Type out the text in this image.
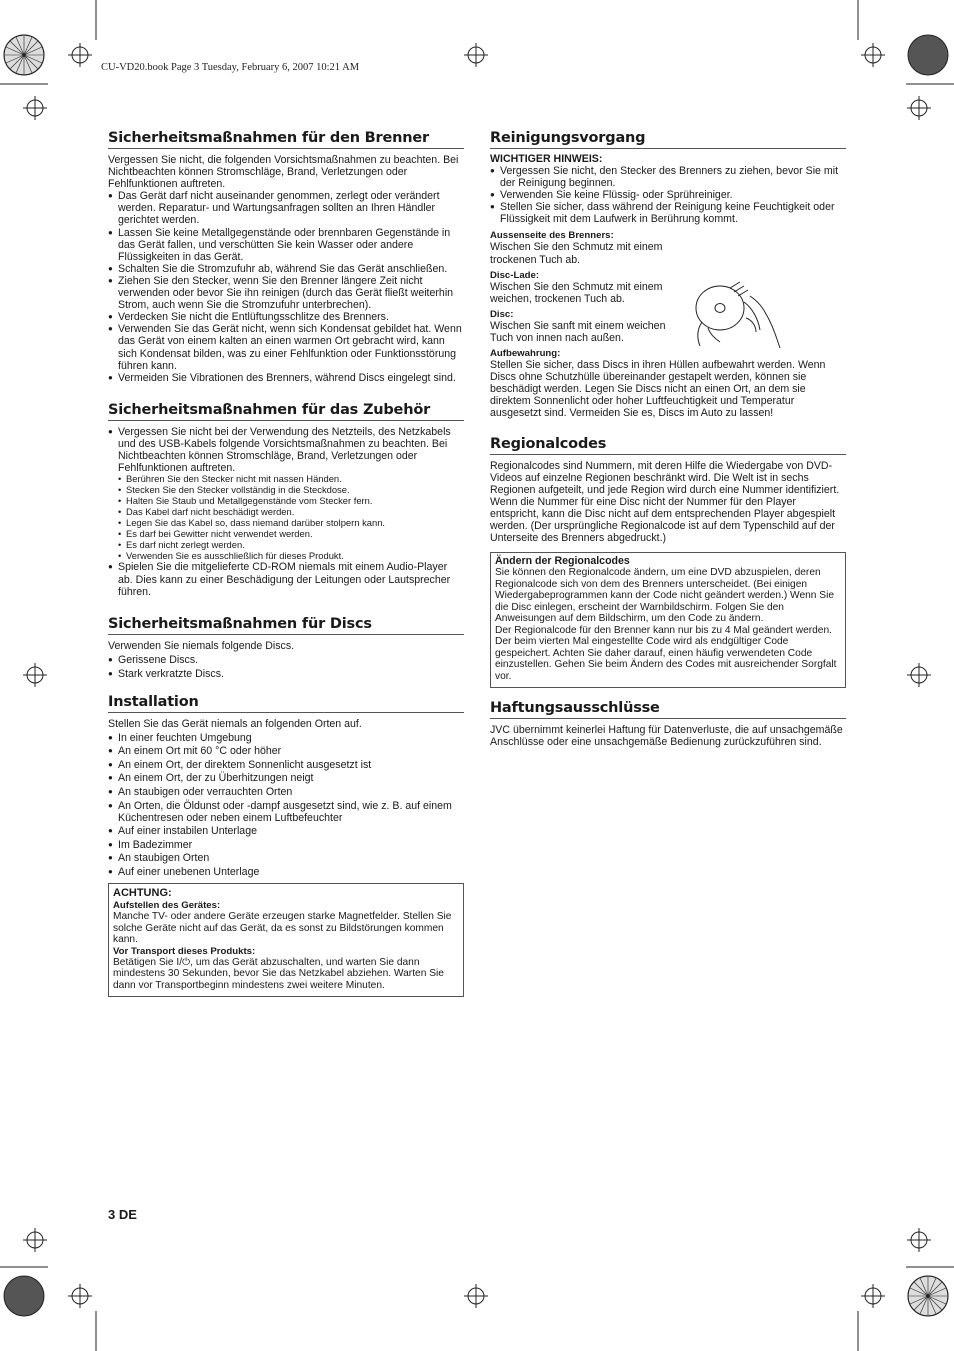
CU-VD20.book Page 3 Tuesday, February 6, 2007 10:21 AM
Sicherheitsmaßnahmen für den Brenner

Vergessen Sie nicht, die folgenden Vorsichtsmaßnahmen zu beachten. Bei Nichtbeachten können Stromschläge, Brand, Verletzungen oder Fehlfunktionen auftreten.

● Das Gerät darf nicht auseinander genommen, zerlegt oder verändert werden. Reparatur- und Wartungsanfragen sollten an Ihren Händler gerichtet werden.
● Lassen Sie keine Metallgegenstände oder brennbaren Gegenstände in das Gerät fallen, und verschütten Sie kein Wasser oder andere Flüssigkeiten in das Gerät.
● Schalten Sie die Stromzufuhr ab, während Sie das Gerät anschließen.
● Ziehen Sie den Stecker, wenn Sie den Brenner längere Zeit nicht verwenden oder bevor Sie ihn reinigen (durch das Gerät fließt weiterhin Strom, auch wenn Sie die Stromzufuhr unterbrechen).
● Verdecken Sie nicht die Entlüftungsschlitze des Brenners.
● Verwenden Sie das Gerät nicht, wenn sich Kondensat gebildet hat. Wenn das Gerät von einem kalten an einen warmen Ort gebracht wird, kann sich Kondensat bilden, was zu einer Fehlfunktion oder Funktionsstörung führen kann.
● Vermeiden Sie Vibrationen des Brenners, während Discs eingelegt sind.
Sicherheitsmaßnahmen für das Zubehör
● Vergessen Sie nicht bei der Verwendung des Netzteils, des Netzkabels und des USB-Kabels folgende Vorsichtsmaßnahmen zu beachten. Bei Nichtbeachten können Stromschläge, Brand, Verletzungen oder Fehlfunktionen auftreten.
• Berühren Sie den Stecker nicht mit nassen Händen.
• Stecken Sie den Stecker vollständig in die Steckdose.
• Halten Sie Staub und Metallgegenstände vom Stecker fern.
• Das Kabel darf nicht beschädigt werden.
• Legen Sie das Kabel so, dass niemand darüber stolpern kann.
• Es darf bei Gewitter nicht verwendet werden.
• Es darf nicht zerlegt werden.
• Verwenden Sie es ausschließlich für dieses Produkt.
● Spielen Sie die mitgelieferte CD-ROM niemals mit einem Audio-Player ab. Dies kann zu einer Beschädigung der Leitungen oder Lautsprecher führen.
Sicherheitsmaßnahmen für Discs

Verwenden Sie niemals folgende Discs.

● Gerissene Discs.
● Stark verkratzte Discs.
Installation

Stellen Sie das Gerät niemals an folgenden Orten auf.

● In einer feuchten Umgebung
● An einem Ort mit 60 °C oder höher
● An einem Ort, der direktem Sonnenlicht ausgesetzt ist
● An einem Ort, der zu Überhitzungen neigt
● An staubigen oder verrauchten Orten
● An Orten, die Öldunst oder -dampf ausgesetzt sind, wie z. B. auf einem Küchentresen oder neben einem Luftbefeuchter
● Auf einer instabilen Unterlage
● Im Badezimmer
● An staubigen Orten
● Auf einer unebenen Unterlage
ACHTUNG:
Aufstellen des Gerätes:

Manche TV- oder andere Geräte erzeugen starke Magnetfelder. Stellen Sie solche Geräte nicht auf das Gerät, da es sonst zu Bildstörungen kommen kann.

Vor Transport dieses Produkts:

Betätigen Sie I/⏻, um das Gerät abzuschalten, und warten Sie dann mindestens 30 Sekunden, bevor Sie das Netzkabel abziehen. Warten Sie dann vor Transportbeginn mindestens zwei weitere Minuten.

Reinigungsvorgang
WICHTIGER HINWEIS:
● Vergessen Sie nicht, den Stecker des Brenners zu ziehen, bevor Sie mit der Reinigung beginnen.
● Verwenden Sie keine Flüssig- oder Sprühreiniger.
● Stellen Sie sicher, dass während der Reinigung keine Feuchtigkeit oder Flüssigkeit mit dem Laufwerk in Berührung kommt.
Aussenseite des Brenners:

Wischen Sie den Schmutz mit einem trockenen Tuch ab.

Disc-Lade:

Wischen Sie den Schmutz mit einem weichen, trockenen Tuch ab.

Disc:

Wischen Sie sanft mit einem weichen Tuch von innen nach außen.

Aufbewahrung:

Stellen Sie sicher, dass Discs in ihren Hüllen aufbewahrt werden. Wenn Discs ohne Schutzhülle übereinander gestapelt werden, können sie beschädigt werden. Legen Sie Discs nicht an einen Ort, an dem sie direktem Sonnenlicht oder hoher Luftfeuchtigkeit und Temperatur ausgesetzt sind. Vermeiden Sie es, Discs im Auto zu lassen!

Regionalcodes

Regionalcodes sind Nummern, mit deren Hilfe die Wiedergabe von DVD-Videos auf einzelne Regionen beschränkt wird. Die Welt ist in sechs Regionen aufgeteilt, und jede Region wird durch eine Nummer identifiziert. Wenn die Nummer für eine Disc nicht der Nummer für den Player entspricht, kann die Disc nicht auf dem entsprechenden Player abgespielt werden. (Der ursprüngliche Regionalcode ist auf dem Typenschild auf der Unterseite des Brenners abgedruckt.)

Ändern der Regionalcodes

Sie können den Regionalcode ändern, um eine DVD abzuspielen, deren Regionalcode sich von dem des Brenners unterscheidet. (Bei einigen Wiedergabeprogrammen kann der Code nicht geändert werden.) Wenn Sie die Disc einlegen, erscheint der Warnbildschirm. Folgen Sie den Anweisungen auf dem Bildschirm, um den Code zu ändern.

Der Regionalcode für den Brenner kann nur bis zu 4 Mal geändert werden. Der beim vierten Mal eingestellte Code wird als endgültiger Code gespeichert. Achten Sie daher darauf, einen häufig verwendeten Code einzustellen. Gehen Sie beim Ändern des Codes mit ausreichender Sorgfalt vor.

Haftungsausschlüsse

JVC übernimmt keinerlei Haftung für Datenverluste, die auf unsachgemäße Anschlüsse oder eine unsachgemäße Bedienung zurückzuführen sind.

3 DE
